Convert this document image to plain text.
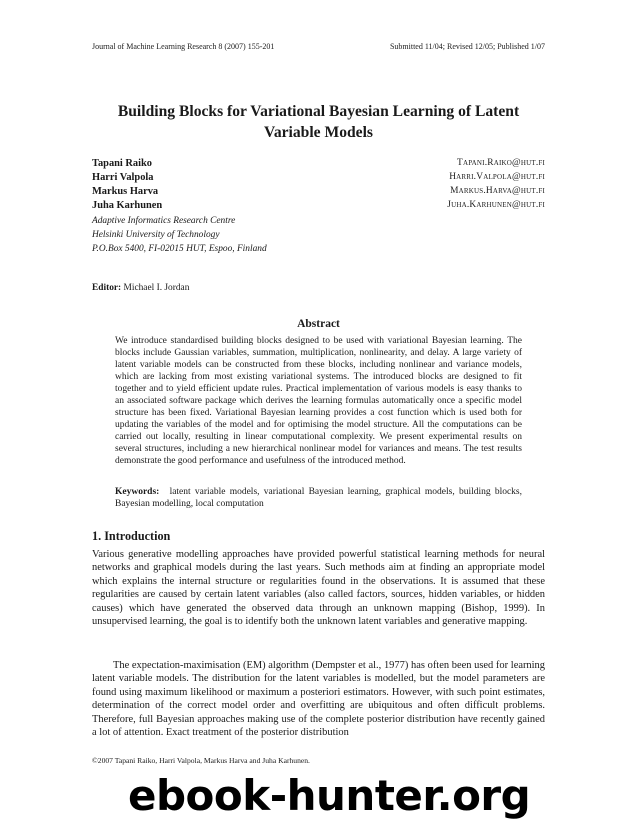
Journal of Machine Learning Research 8 (2007) 155-201	Submitted 11/04; Revised 12/05; Published 1/07
Building Blocks for Variational Bayesian Learning of Latent Variable Models
Tapani Raiko	Tapani.Raiko@hut.fi
Harri Valpola	Harri.Valpola@hut.fi
Markus Harva	Markus.Harva@hut.fi
Juha Karhunen	Juha.Karhunen@hut.fi
Adaptive Informatics Research Centre
Helsinki University of Technology
P.O.Box 5400, FI-02015 HUT, Espoo, Finland
Editor: Michael I. Jordan
Abstract
We introduce standardised building blocks designed to be used with variational Bayesian learning. The blocks include Gaussian variables, summation, multiplication, nonlinearity, and delay. A large variety of latent variable models can be constructed from these blocks, including nonlinear and variance models, which are lacking from most existing variational systems. The introduced blocks are designed to fit together and to yield efficient update rules. Practical implementation of various models is easy thanks to an associated software package which derives the learning formulas automatically once a specific model structure has been fixed. Variational Bayesian learning provides a cost function which is used both for updating the variables of the model and for optimising the model structure. All the computations can be carried out locally, resulting in linear computational complexity. We present experimental results on several structures, including a new hierarchical nonlinear model for variances and means. The test results demonstrate the good performance and usefulness of the introduced method.
Keywords: latent variable models, variational Bayesian learning, graphical models, building blocks, Bayesian modelling, local computation
1. Introduction

Various generative modelling approaches have provided powerful statistical learning methods for neural networks and graphical models during the last years. Such methods aim at finding an appropriate model which explains the internal structure or regularities found in the observations. It is assumed that these regularities are caused by certain latent variables (also called factors, sources, hidden variables, or hidden causes) which have generated the observed data through an unknown mapping (Bishop, 1999). In unsupervised learning, the goal is to identify both the unknown latent variables and generative mapping.

The expectation-maximisation (EM) algorithm (Dempster et al., 1977) has often been used for learning latent variable models. The distribution for the latent variables is modelled, but the model parameters are found using maximum likelihood or maximum a posteriori estimators. However, with such point estimates, determination of the correct model order and overfitting are ubiquitous and often difficult problems. Therefore, full Bayesian approaches making use of the complete posterior distribution have recently gained a lot of attention. Exact treatment of the posterior distribution

©2007 Tapani Raiko, Harri Valpola, Markus Harva and Juha Karhunen.
ebook-hunter.org
